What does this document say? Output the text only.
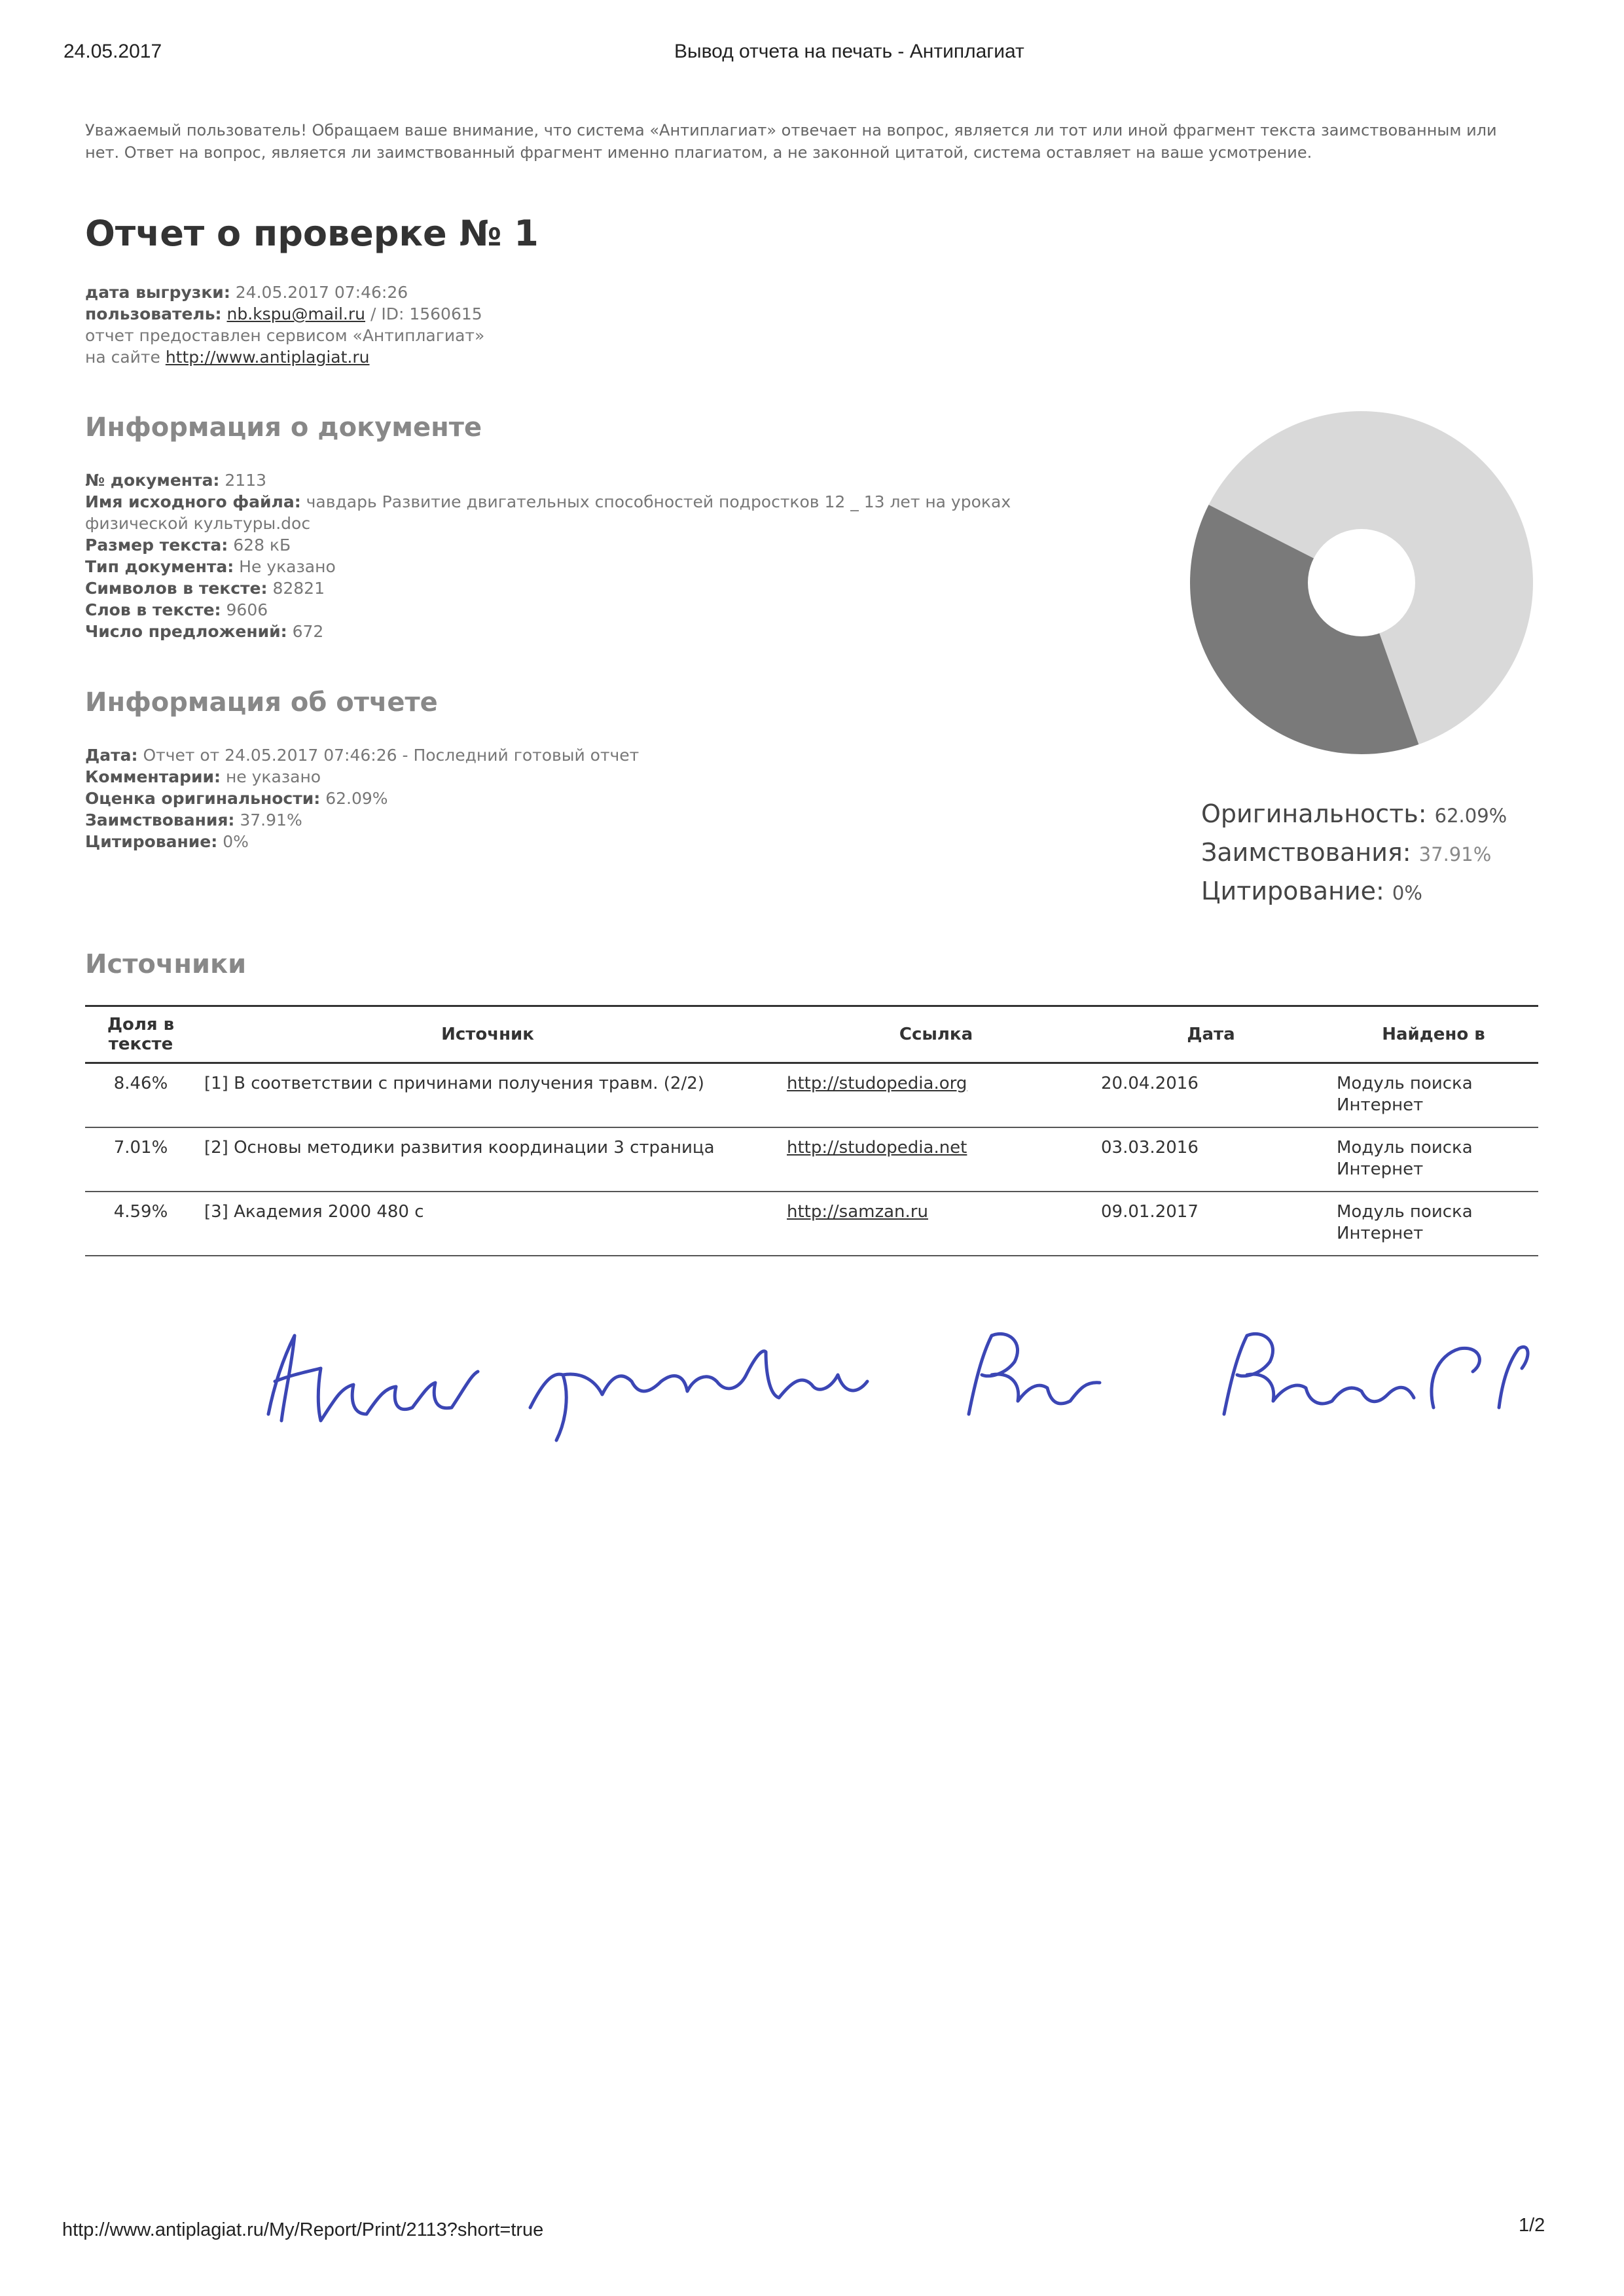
24.05.2017	Вывод отчета на печать - Антиплагиат
Уважаемый пользователь! Обращаем ваше внимание, что система «Антиплагиат» отвечает на вопрос, является ли тот или иной фрагмент текста заимствованным или нет. Ответ на вопрос, является ли заимствованный фрагмент именно плагиатом, а не законной цитатой, система оставляет на ваше усмотрение.
Отчет о проверке № 1
дата выгрузки: 24.05.2017 07:46:26
пользователь: nb.kspu@mail.ru / ID: 1560615
отчет предоставлен сервисом «Антиплагиат»
на сайте http://www.antiplagiat.ru
Информация о документе
№ документа: 2113
Имя исходного файла: чавдарь Развитие двигательных способностей подростков 12 _ 13 лет на уроках физической культуры.doc
Размер текста: 628 кБ
Тип документа: Не указано
Символов в тексте: 82821
Слов в тексте: 9606
Число предложений: 672
Информация об отчете
Дата: Отчет от 24.05.2017 07:46:26 - Последний готовый отчет
Комментарии: не указано
Оценка оригинальности: 62.09%
Заимствования: 37.91%
Цитирование: 0%
Оригинальность: 62.09%
Заимствования: 37.91%
Цитирование: 0%
Источники
Доля в тексте	Источник	Ссылка	Дата	Найдено в
8.46%	[1] В соответствии с причинами получения травм. (2/2)	http://studopedia.org	20.04.2016	Модуль поиска Интернет
7.01%	[2] Основы методики развития координации 3 страница	http://studopedia.net	03.03.2016	Модуль поиска Интернет
4.59%	[3] Академия 2000 480 с	http://samzan.ru	09.01.2017	Модуль поиска Интернет
http://www.antiplagiat.ru/My/Report/Print/2113?short=true	1/2
